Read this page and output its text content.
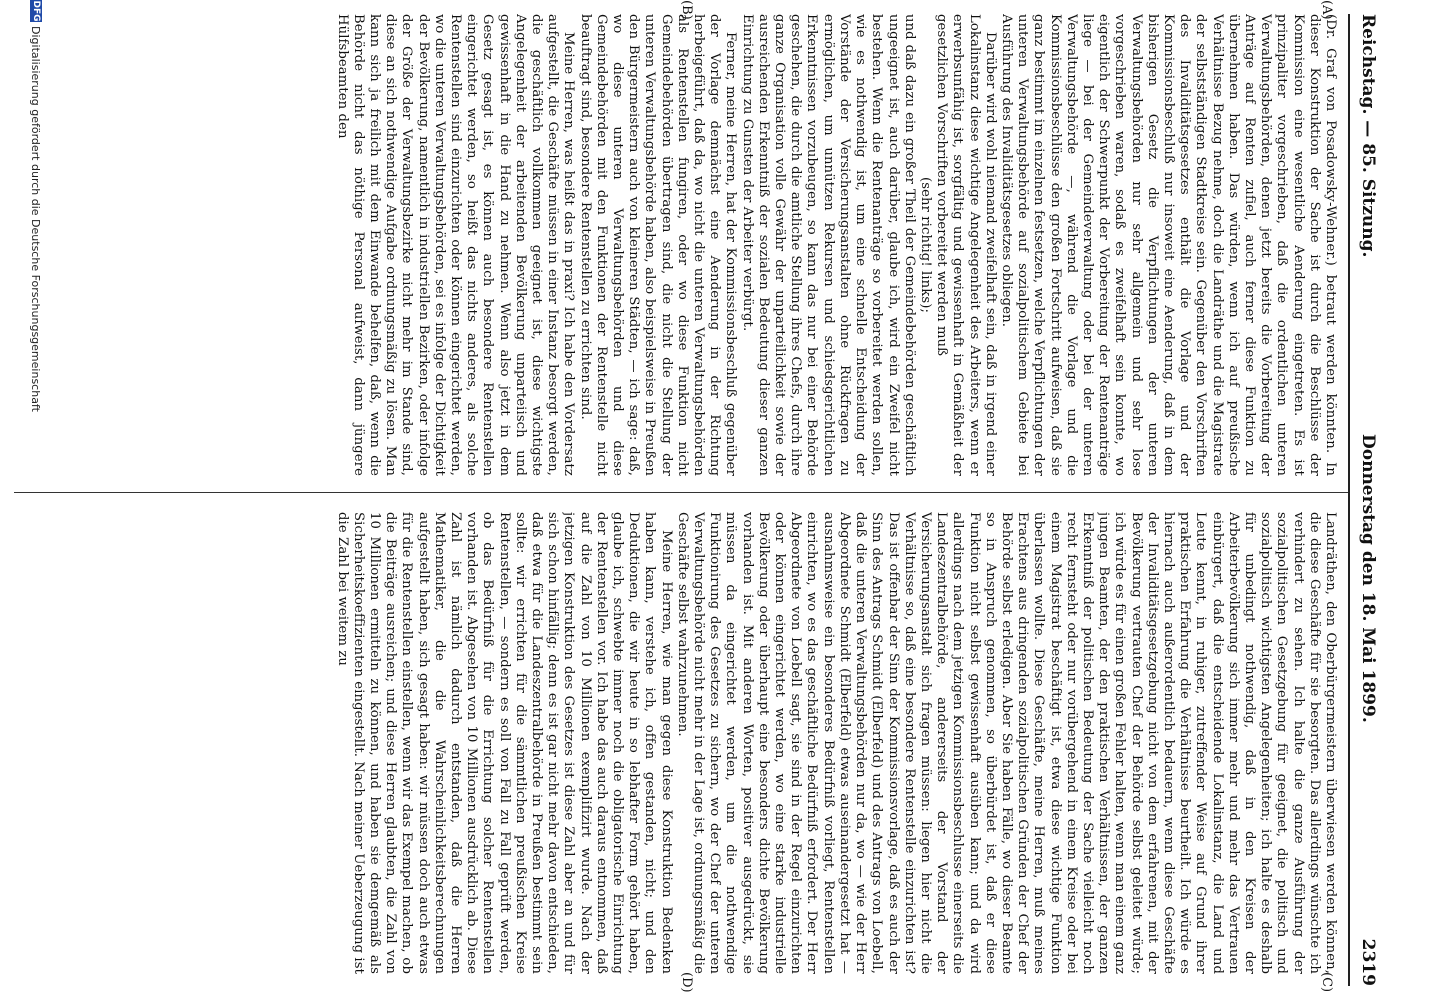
Reichstag. — 85. Sitzung.
Donnerstag den 18. Mai 1899.
2319
(A)
(B)
(C)
(D)

(Dr. Graf von Posadowsky-Wehner.) betraut werden könnten. In dieser Konstruktion der Sache ist durch die Beschlüsse der Kommission eine wesentliche Aenderung eingetreten. Es ist prinzipaliter vorgeschrieben, daß die ordentlichen unteren Verwaltungsbehörden, denen jetzt bereits die Vorbereitung der Anträge auf Renten zufiel, auch ferner diese Funktion zu übernehmen haben. Das würden, wenn ich auf preußische Verhältnisse Bezug nehme, doch die Landräthe und die Magistrate der selbstständigen Stadtkreise sein. Gegenüber den Vorschriften des Invaliditätsgesetzes enthält die Vorlage und der Kommissionsbeschluß nur insoweit eine Aenderung, daß in dem bisherigen Gesetz die Verpflichtungen der unteren Verwaltungsbehörden nur sehr allgemein und sehr lose vorgeschrieben waren, sodaß es zweifelhaft sein konnte, wo eigentlich der Schwerpunkt der Vorbereitung der Rentenanträge liege — bei der Gemeindeverwaltung oder bei der unteren Verwaltungsbehörde —, während die Vorlage und die Kommissionsbeschlüsse den großen Fortschritt aufweisen, daß sie ganz bestimmt im einzelnen festsetzen, welche Verpflichtungen der unteren Verwaltungsbehörde auf sozialpolitischem Gebiete bei Ausführung des Invaliditätsgesetzes obliegen.

Darüber wird wohl niemand zweifelhaft sein, daß in irgend einer Lokalinstanz diese wichtige Angelegenheit des Arbeiters, wenn er erwerbsunfähig ist, sorgfältig und gewissenhaft in Gemäßheit der gesetzlichen Vorschriften vorbereitet werden muß

(sehr richtig! links);

und daß dazu ein großer Theil der Gemeindebehörden geschäftlich ungeeignet ist, auch darüber, glaube ich, wird ein Zweifel nicht bestehen. Wenn die Rentenanträge so vorbereitet werden sollen, wie es nothwendig ist, um eine schnelle Entscheidung der Vorstände der Versicherungsanstalten ohne Rückfragen zu ermöglichen, um unnützen Rekursen und schiedsgerichtlichen Erkenntnissen vorzubeugen, so kann das nur bei einer Behörde geschehen, die durch die amtliche Stellung ihres Chefs, durch ihre ganze Organisation volle Gewähr der unparteilichkeit sowie der ausreichenden Erkenntniß der sozialen Bedeutung dieser ganzen Einrichtung zu Gunsten der Arbeiter verbürgt.

Ferner, meine Herren, hat der Kommissionsbeschluß gegenüber der Vorlage demnächst eine Aenderung in der Richtung herbeigeführt, daß da, wo nicht die unteren Verwaltungsbehörden als Rentenstellen fungiren, oder wo diese Funktion nicht Gemeindebehörden übertragen sind, die nicht die Stellung der unteren Verwaltungsbehörde haben, also beispielsweise in Preußen den Bürgermeistern auch von kleineren Städten, — ich sage: daß, wo diese unteren Verwaltungsbehörden und diese Gemeindebehörden mit den Funktionen der Rentenstelle nicht beauftragt sind, besondere Rentenstellen zu errichten sind.

Meine Herren, was heißt das in praxi? Ich habe den Vordersatz aufgestellt, die Geschäfte müssen in einer Instanz besorgt werden, die geschäftlich vollkommen geeignet ist, diese wichtigste Angelegenheit der arbeitenden Bevölkerung unparteiisch und gewissenhaft in die Hand zu nehmen. Wenn also jetzt in dem Gesetz gesagt ist, es können auch besondere Rentenstellen eingerichtet werden, so heißt das nichts anderes, als solche Rentenstellen sind einzurichten oder können eingerichtet werden, wo die unteren Verwaltungsbehörden, sei es infolge der Dichtigkeit der Bevölkerung, namentlich in industriellen Bezirken, oder infolge der Größe der Verwaltungsbezirke nicht mehr im Stande sind, diese an sich nothwendige Aufgabe ordnungsmäßig zu lösen. Man kann sich ja freilich mit dem Einwande behelfen, daß, wenn die Behörde nicht das nöthige Personal aufweist, dann jüngere Hülfsbeamten den

Landräthen, den Oberbürgermeistern überwiesen werden können, die diese Geschäfte für sie besorgten. Das allerdings wünschte ich verhindert zu sehen. Ich halte die ganze Ausführung der sozialpolitischen Gesetzgebung für geeignet, die politisch und sozialpolitisch wichtigsten Angelegenheiten; ich halte es deshalb für unbedingt nothwendig, daß in den Kreisen der Arbeiterbevölkerung sich immer mehr und mehr das Vertrauen einbürgert, daß die entscheidende Lokalinstanz, die Land und Leute kennt, in ruhiger, zutreffender Weise auf Grund ihrer praktischen Erfahrung die Verhältnisse beurtheilt. Ich würde es hiernach auch außerordentlich bedauern, wenn diese Geschäfte der Invaliditätsgesetzgebung nicht von dem erfahrenen, mit der Bevölkerung vertrauten Chef der Behörde selbst geleitet würde; ich würde es für einen großen Fehler halten, wenn man einem ganz jungen Beamten, der den praktischen Verhältnissen, der ganzen Erkenntniß der politischen Bedeutung der Sache vielleicht noch recht fernsteht oder nur vorübergehend in einem Kreise oder bei einem Magistrat beschäftigt ist, etwa diese wichtige Funktion überlassen wollte. Diese Geschäfte, meine Herren, muß meines Erachtens aus dringenden sozialpolitischen Gründen der Chef der Behörde selbst erledigen. Aber Sie haben Fälle, wo dieser Beamte so in Anspruch genommen, so überbürdet ist, daß er diese Funktion nicht selbst gewissenhaft ausüben kann; und da wird allerdings nach dem jetzigen Kommissionsbeschlusse einerseits die Landeszentralbehörde, andererseits der Vorstand der Versicherungsanstalt sich fragen müssen: liegen hier nicht die Verhältnisse so, daß eine besondere Rentenstelle einzurichten ist? Das ist offenbar der Sinn der Kommissionsvorlage, daß es auch der Sinn des Antrags Schmidt (Elberfeld) und des Antrags von Loebell, daß die unteren Verwaltungsbehörden nur da, wo — wie der Herr Abgeordnete Schmidt (Elberfeld) etwas auseinandergesetzt hat — ausnahmsweise ein besonderes Bedürfniß vorliegt, Rentenstellen einrichten, wo es das geschäftliche Bedürfniß erfordert. Der Herr Abgeordnete von Loebell sagt, sie sind in der Regel einzurichten oder können eingerichtet werden, wo eine starke industrielle Bevölkerung oder überhaupt eine besonders dichte Bevölkerung vorhanden ist. Mit anderen Worten, positiver ausgedrückt, sie müssen da eingerichtet werden, um die nothwendige Funktionirung des Gesetzes zu sichern, wo der Chef der unteren Verwaltungsbehörde nicht mehr in der Lage ist, ordnungsmäßig die Geschäfte selbst wahrzunehmen.

Meine Herren, wie man gegen diese Konstruktion Bedenken haben kann, verstehe ich, offen gestanden, nicht; und den Deduktionen, die wir heute in so lebhafter Form gehört haben, glaube ich, schwebte immer noch die obligatorische Einrichtung der Rentenstellen vor. Ich habe das auch daraus entnommen, daß auf die Zahl von 10 Millionen exemplifizirt wurde. Nach der jetzigen Konstruktion des Gesetzes ist diese Zahl aber an und für sich schon hinfällig; denn es ist gar nicht mehr davon entschieden, daß etwa für die Landeszentralbehörde in Preußen bestimmt sein sollte: wir errichten für die sämmtlichen preußischen Kreise Rentenstellen, — sondern es soll von Fall zu Fall geprüft werden, ob das Bedürfniß für die Errichtung solcher Rentenstellen vorhanden ist. Abgesehen von 10 Millionen ausdrücklich ab. Diese Zahl ist nämlich dadurch entstanden, daß die Herren Mathematiker, die die Wahrscheinlichkeitsberechnungen aufgestellt haben, sich gesagt haben: wir müssen doch auch etwas für die Rentenstellen einstellen, wenn wir das Exempel machen, ob die Beiträge ausreichen; und diese Herren glaubten, die Zahl von 10 Millionen ermitteln zu können, und haben sie demgemäß als Sicherheitskoeffizienten eingestellt. Nach meiner Ueberzeugung ist die Zahl bei weitem zu

DFG
Digitalisierung gefördert durch die Deutsche Forschungsgemeinschaft
